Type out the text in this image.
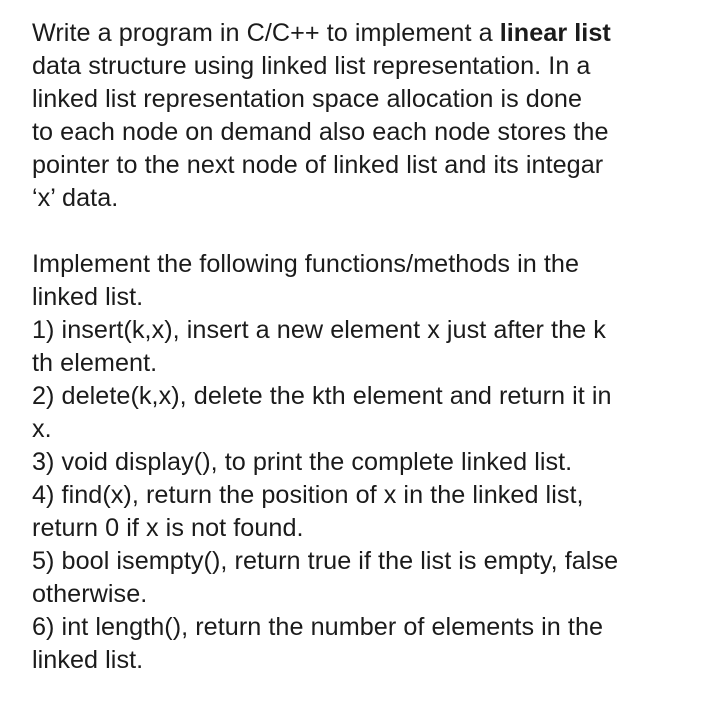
Write a program in C/C++ to implement a linear list
data structure using linked list representation. In a
linked list representation space allocation is done
to each node on demand also each node stores the
pointer to the next node of linked list and its integar
‘x’ data.
Implement the following functions/methods in the
linked list.
1) insert(k,x), insert a new element x just after the k
th element.
2) delete(k,x), delete the kth element and return it in
x.
3) void display(), to print the complete linked list.
4) find(x), return the position of x in the linked list,
return 0 if x is not found.
5) bool isempty(), return true if the list is empty, false
otherwise.
6) int length(), return the number of elements in the
linked list.
